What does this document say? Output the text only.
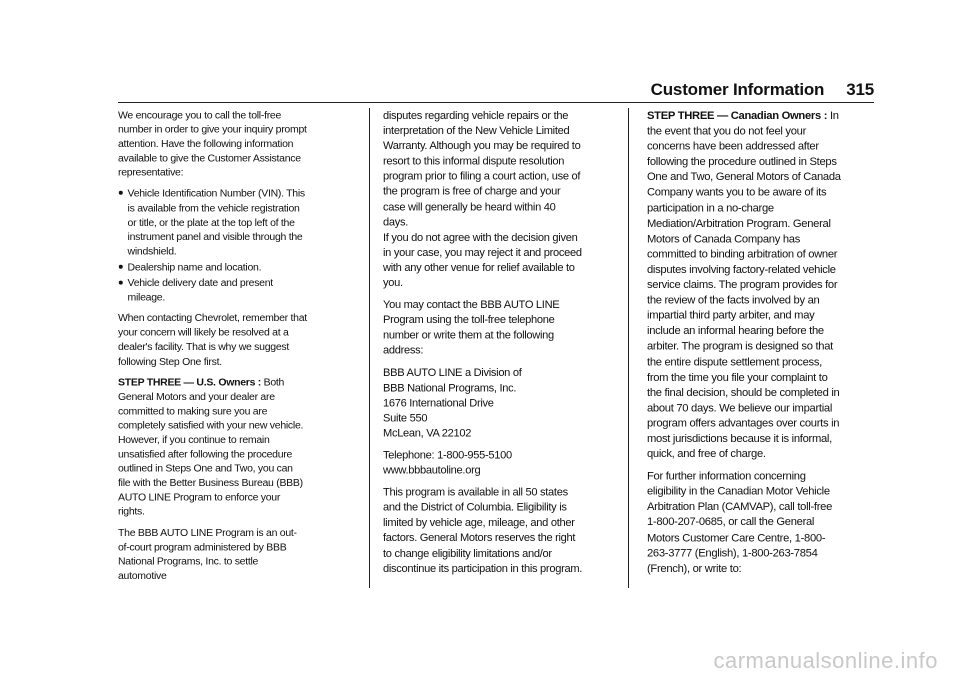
Customer Information 315

We encourage you to call the toll-free number in order to give your inquiry prompt attention. Have the following information available to give the Customer Assistance representative:

Vehicle Identification Number (VIN). This is available from the vehicle registration or title, or the plate at the top left of the instrument panel and visible through the windshield.
Dealership name and location.
Vehicle delivery date and present mileage.

When contacting Chevrolet, remember that your concern will likely be resolved at a dealer's facility. That is why we suggest following Step One first.

STEP THREE — U.S. Owners : Both General Motors and your dealer are committed to making sure you are completely satisfied with your new vehicle. However, if you continue to remain unsatisfied after following the procedure outlined in Steps One and Two, you can file with the Better Business Bureau (BBB) AUTO LINE Program to enforce your rights.

The BBB AUTO LINE Program is an out-of-court program administered by BBB National Programs, Inc. to settle automotive

disputes regarding vehicle repairs or the interpretation of the New Vehicle Limited Warranty. Although you may be required to resort to this informal dispute resolution program prior to filing a court action, use of the program is free of charge and your case will generally be heard within 40 days.

If you do not agree with the decision given in your case, you may reject it and proceed with any other venue for relief available to you.

You may contact the BBB AUTO LINE Program using the toll-free telephone number or write them at the following address:

BBB AUTO LINE a Division of
BBB National Programs, Inc.
1676 International Drive
Suite 550
McLean, VA 22102

Telephone: 1-800-955-5100
www.bbbautoline.org

This program is available in all 50 states and the District of Columbia. Eligibility is limited by vehicle age, mileage, and other factors. General Motors reserves the right to change eligibility limitations and/or discontinue its participation in this program.

STEP THREE — Canadian Owners : In the event that you do not feel your concerns have been addressed after following the procedure outlined in Steps One and Two, General Motors of Canada Company wants you to be aware of its participation in a no-charge Mediation/Arbitration Program. General Motors of Canada Company has committed to binding arbitration of owner disputes involving factory-related vehicle service claims. The program provides for the review of the facts involved by an impartial third party arbiter, and may include an informal hearing before the arbiter. The program is designed so that the entire dispute settlement process, from the time you file your complaint to the final decision, should be completed in about 70 days. We believe our impartial program offers advantages over courts in most jurisdictions because it is informal, quick, and free of charge.

For further information concerning eligibility in the Canadian Motor Vehicle Arbitration Plan (CAMVAP), call toll-free 1-800-207-0685, or call the General Motors Customer Care Centre, 1-800-263-3777 (English), 1-800-263-7854 (French), or write to:

carmanualsonline.info
